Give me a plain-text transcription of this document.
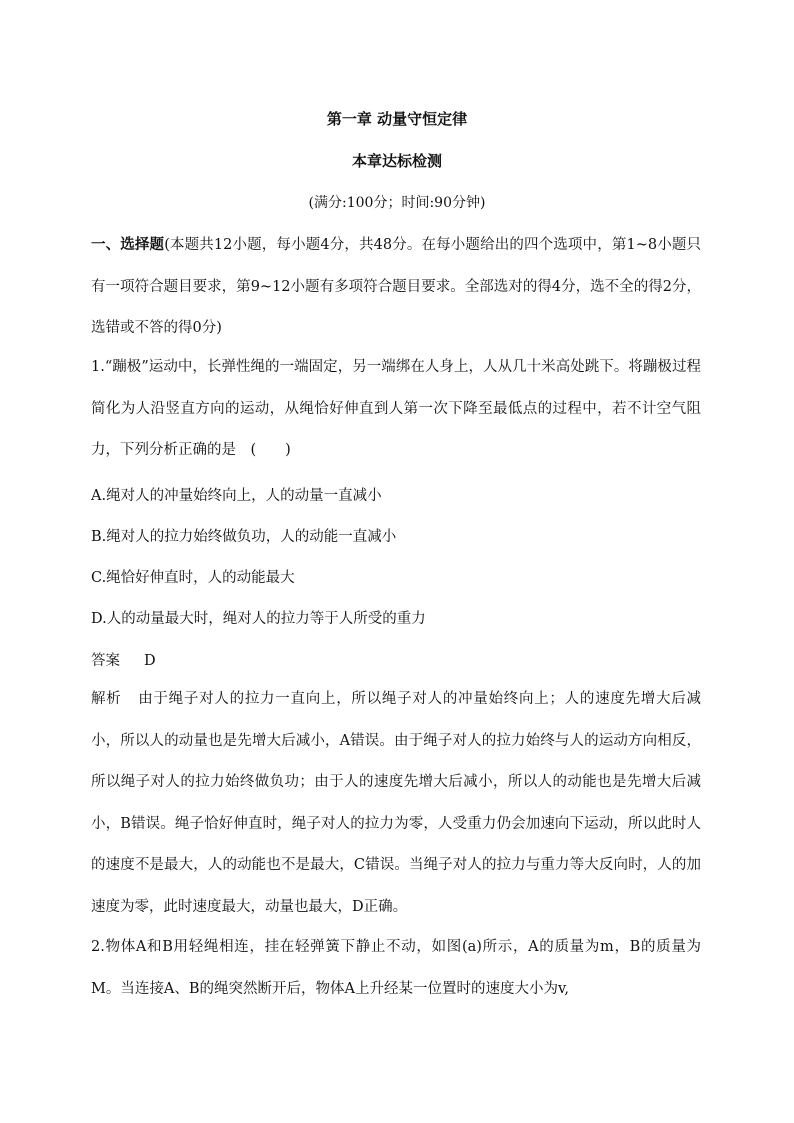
第一章 动量守恒定律
本章达标检测
(满分:100分；时间:90分钟)

一、选择题(本题共12小题，每小题4分，共48分。在每小题给出的四个选项中，第1~8小题只有一项符合题目要求，第9~12小题有多项符合题目要求。全部选对的得4分，选不全的得2分，选错或不答的得0分)

1.“蹦极”运动中，长弹性绳的一端固定，另一端绑在人身上，人从几十米高处跳下。将蹦极过程简化为人沿竖直方向的运动，从绳恰好伸直到人第一次下降至最低点的过程中，若不计空气阻力，下列分析正确的是　(　　)

A.绳对人的冲量始终向上，人的动量一直减小
B.绳对人的拉力始终做负功，人的动能一直减小
C.绳恰好伸直时，人的动能最大
D.人的动量最大时，绳对人的拉力等于人所受的重力
答案 D

解析 由于绳子对人的拉力一直向上，所以绳子对人的冲量始终向上；人的速度先增大后减小，所以人的动量也是先增大后减小，A错误。由于绳子对人的拉力始终与人的运动方向相反，所以绳子对人的拉力始终做负功；由于人的速度先增大后减小，所以人的动能也是先增大后减小，B错误。绳子恰好伸直时，绳子对人的拉力为零，人受重力仍会加速向下运动，所以此时人的速度不是最大，人的动能也不是最大，C错误。当绳子对人的拉力与重力等大反向时，人的加速度为零，此时速度最大，动量也最大，D正确。

2.物体A和B用轻绳相连，挂在轻弹簧下静止不动，如图(a)所示，A的质量为m，B的质量为M。当连接A、B的绳突然断开后，物体A上升经某一位置时的速度大小为v,
